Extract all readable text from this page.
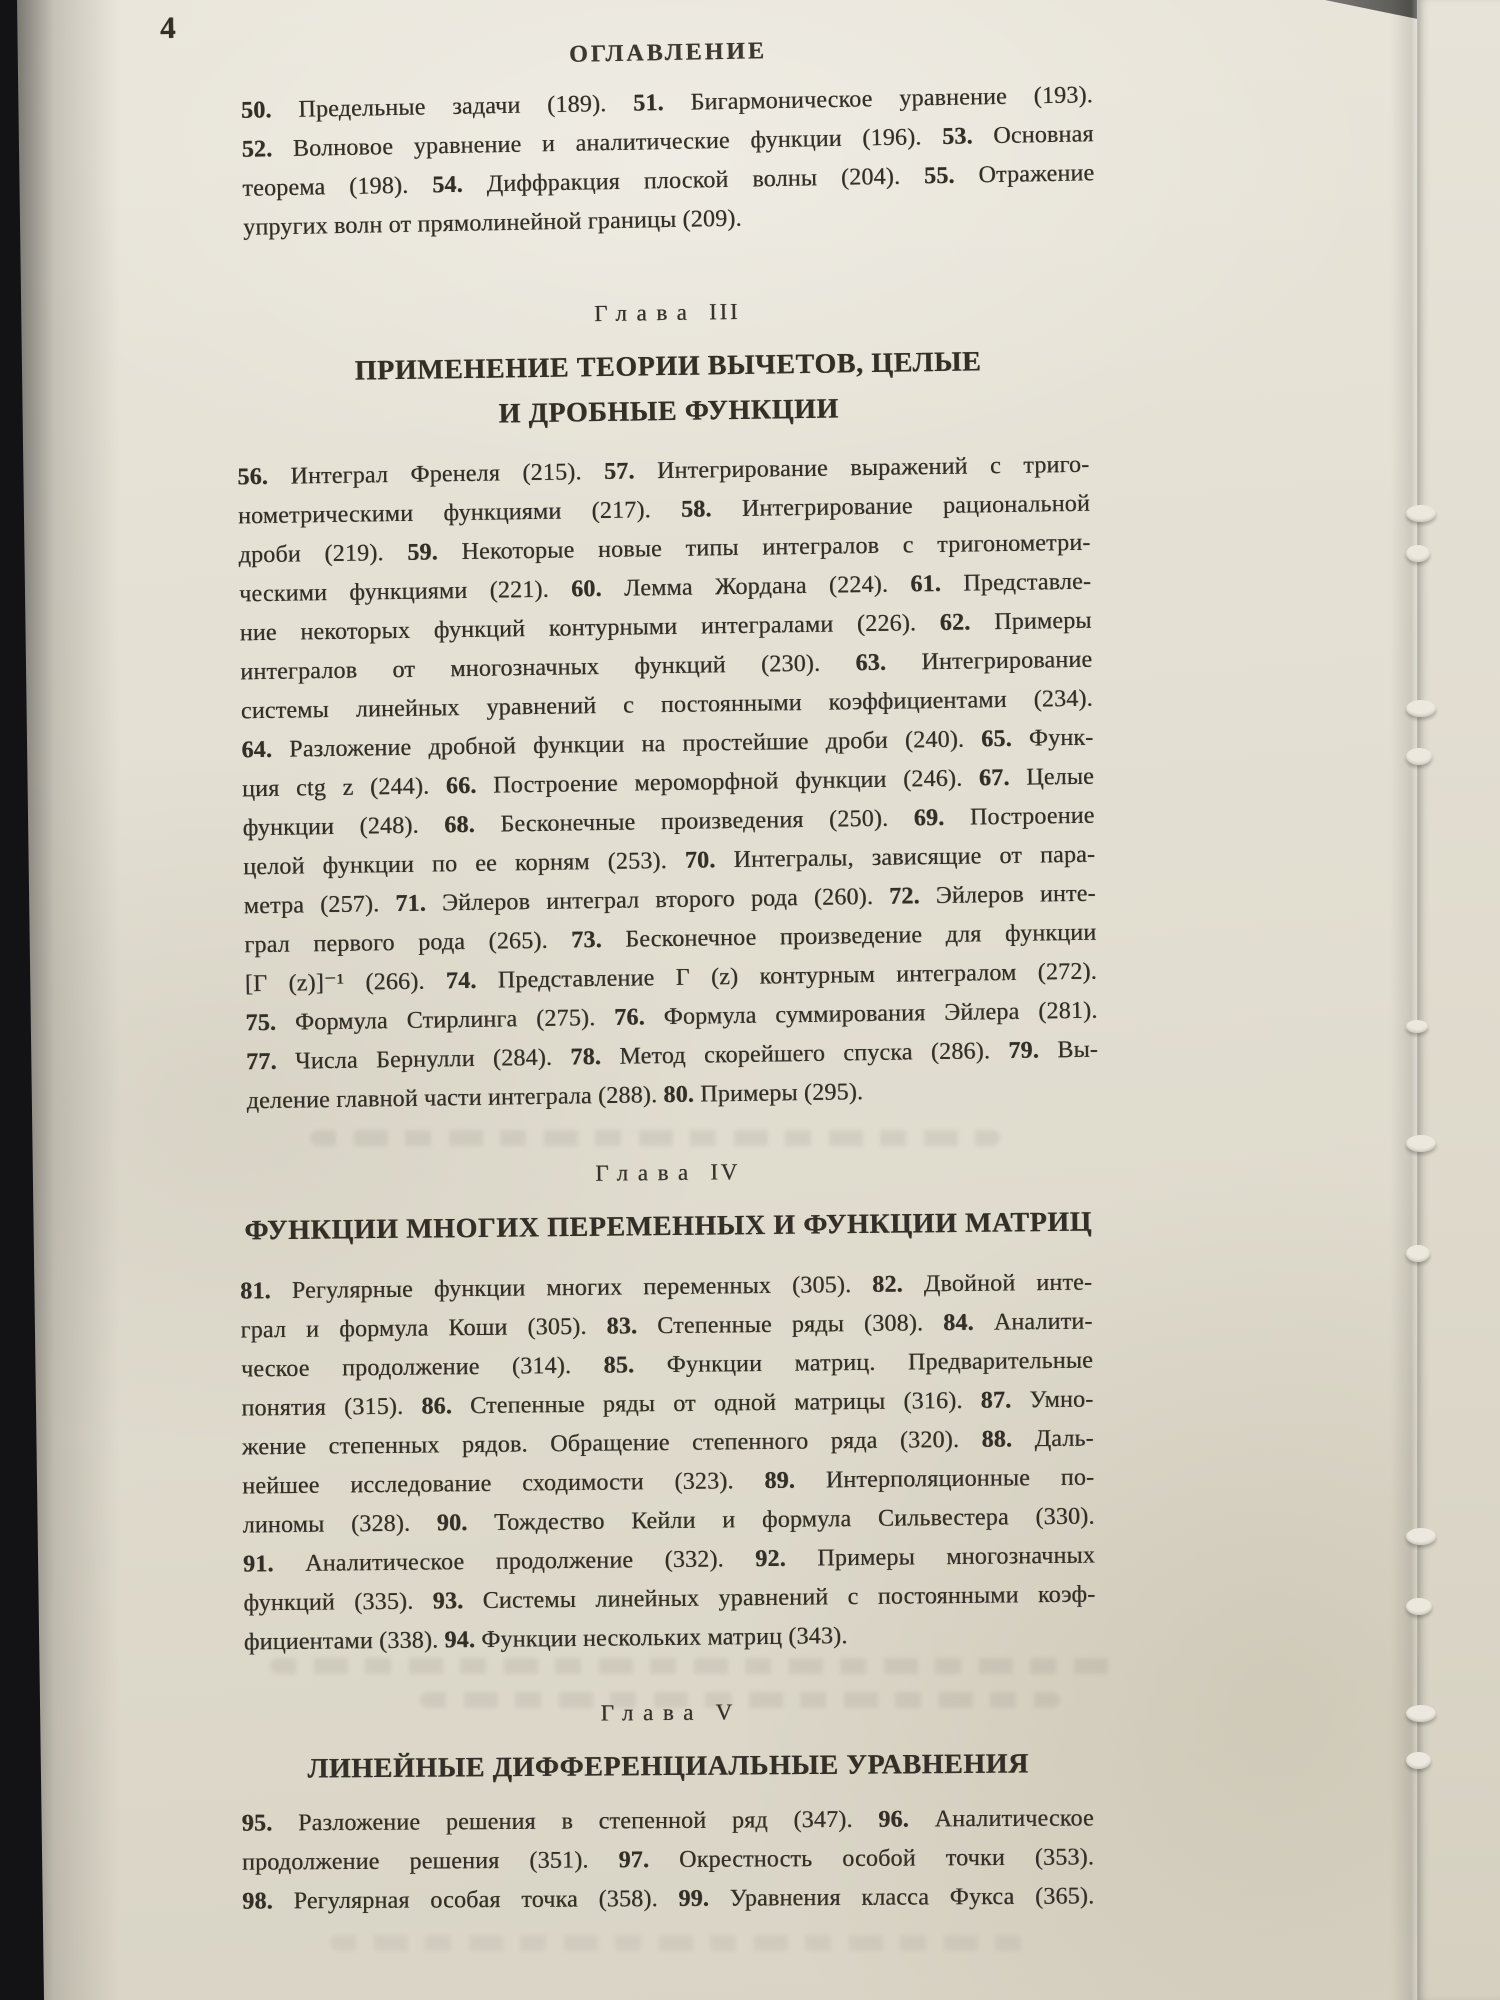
4
ОГЛАВЛЕНИЕ
50. Предельные задачи (189). 51. Бигармоническое уравнение (193).
52. Волновое уравнение и аналитические функции (196). 53. Основная
теорема (198). 54. Диффракция плоской волны (204). 55. Отражение
упругих волн от прямолинейной границы (209).
Глава III
ПРИМЕНЕНИЕ ТЕОРИИ ВЫЧЕТОВ, ЦЕЛЫЕ
И ДРОБНЫЕ ФУНКЦИИ
56. Интеграл Френеля (215). 57. Интегрирование выражений с триго-
нометрическими функциями (217). 58. Интегрирование рациональной
дроби (219). 59. Некоторые новые типы интегралов с тригонометри-
ческими функциями (221). 60. Лемма Жордана (224). 61. Представле-
ние некоторых функций контурными интегралами (226). 62. Примеры
интегралов от многозначных функций (230). 63. Интегрирование
системы линейных уравнений с постоянными коэффициентами (234).
64. Разложение дробной функции на простейшие дроби (240). 65. Функ-
ция ctg z (244). 66. Построение мероморфной функции (246). 67. Целые
функции (248). 68. Бесконечные произведения (250). 69. Построение
целой функции по ее корням (253). 70. Интегралы, зависящие от пара-
метра (257). 71. Эйлеров интеграл второго рода (260). 72. Эйлеров инте-
грал первого рода (265). 73. Бесконечное произведение для функции
[Γ (z)]⁻¹ (266). 74. Представление Γ (z) контурным интегралом (272).
75. Формула Стирлинга (275). 76. Формула суммирования Эйлера (281).
77. Числа Бернулли (284). 78. Метод скорейшего спуска (286). 79. Вы-
деление главной части интеграла (288). 80. Примеры (295).
Глава IV
ФУНКЦИИ МНОГИХ ПЕРЕМЕННЫХ И ФУНКЦИИ МАТРИЦ
81. Регулярные функции многих переменных (305). 82. Двойной инте-
грал и формула Коши (305). 83. Степенные ряды (308). 84. Аналити-
ческое продолжение (314). 85. Функции матриц. Предварительные
понятия (315). 86. Степенные ряды от одной матрицы (316). 87. Умно-
жение степенных рядов. Обращение степенного ряда (320). 88. Даль-
нейшее исследование сходимости (323). 89. Интерполяционные по-
линомы (328). 90. Тождество Кейли и формула Сильвестера (330).
91. Аналитическое продолжение (332). 92. Примеры многозначных
функций (335). 93. Системы линейных уравнений с постоянными коэф-
фициентами (338). 94. Функции нескольких матриц (343).
Глава V
ЛИНЕЙНЫЕ ДИФФЕРЕНЦИАЛЬНЫЕ УРАВНЕНИЯ
95. Разложение решения в степенной ряд (347). 96. Аналитическое
продолжение решения (351). 97. Окрестность особой точки (353).
98. Регулярная особая точка (358). 99. Уравнения класса Фукса (365).
